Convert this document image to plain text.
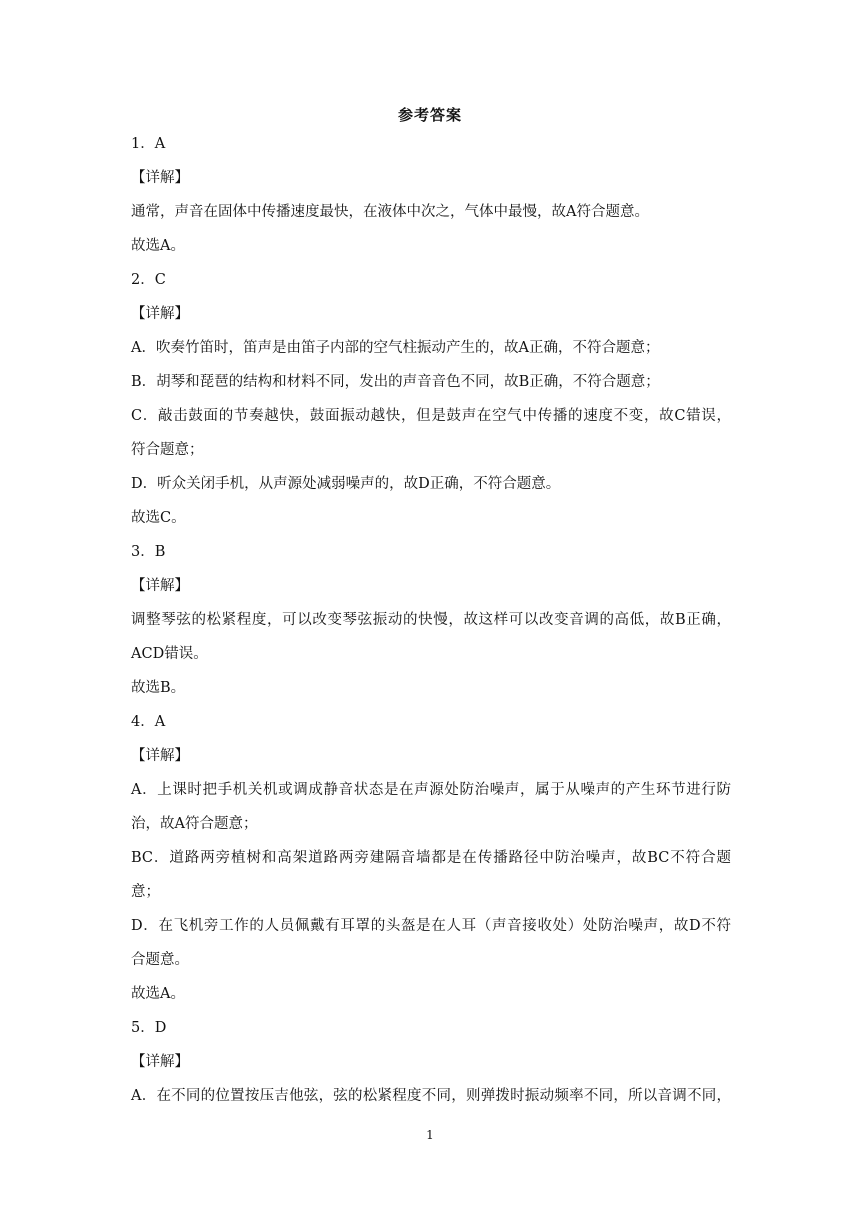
参考答案
1．A
【详解】
通常，声音在固体中传播速度最快，在液体中次之，气体中最慢，故A符合题意。
故选A。
2．C
【详解】
A．吹奏竹笛时，笛声是由笛子内部的空气柱振动产生的，故A正确，不符合题意；
B．胡琴和琵琶的结构和材料不同，发出的声音音色不同，故B正确，不符合题意；
C．敲击鼓面的节奏越快，鼓面振动越快，但是鼓声在空气中传播的速度不变，故C错误，
符合题意；
D．听众关闭手机，从声源处减弱噪声的，故D正确，不符合题意。
故选C。
3．B
【详解】
调整琴弦的松紧程度，可以改变琴弦振动的快慢，故这样可以改变音调的高低，故B正确，
ACD错误。
故选B。
4．A
【详解】
A．上课时把手机关机或调成静音状态是在声源处防治噪声，属于从噪声的产生环节进行防
治，故A符合题意；
BC．道路两旁植树和高架道路两旁建隔音墙都是在传播路径中防治噪声，故BC不符合题
意；
D．在飞机旁工作的人员佩戴有耳罩的头盔是在人耳（声音接收处）处防治噪声，故D不符
合题意。
故选A。
5．D
【详解】
A．在不同的位置按压吉他弦，弦的松紧程度不同，则弹拨时振动频率不同，所以音调不同，
1
